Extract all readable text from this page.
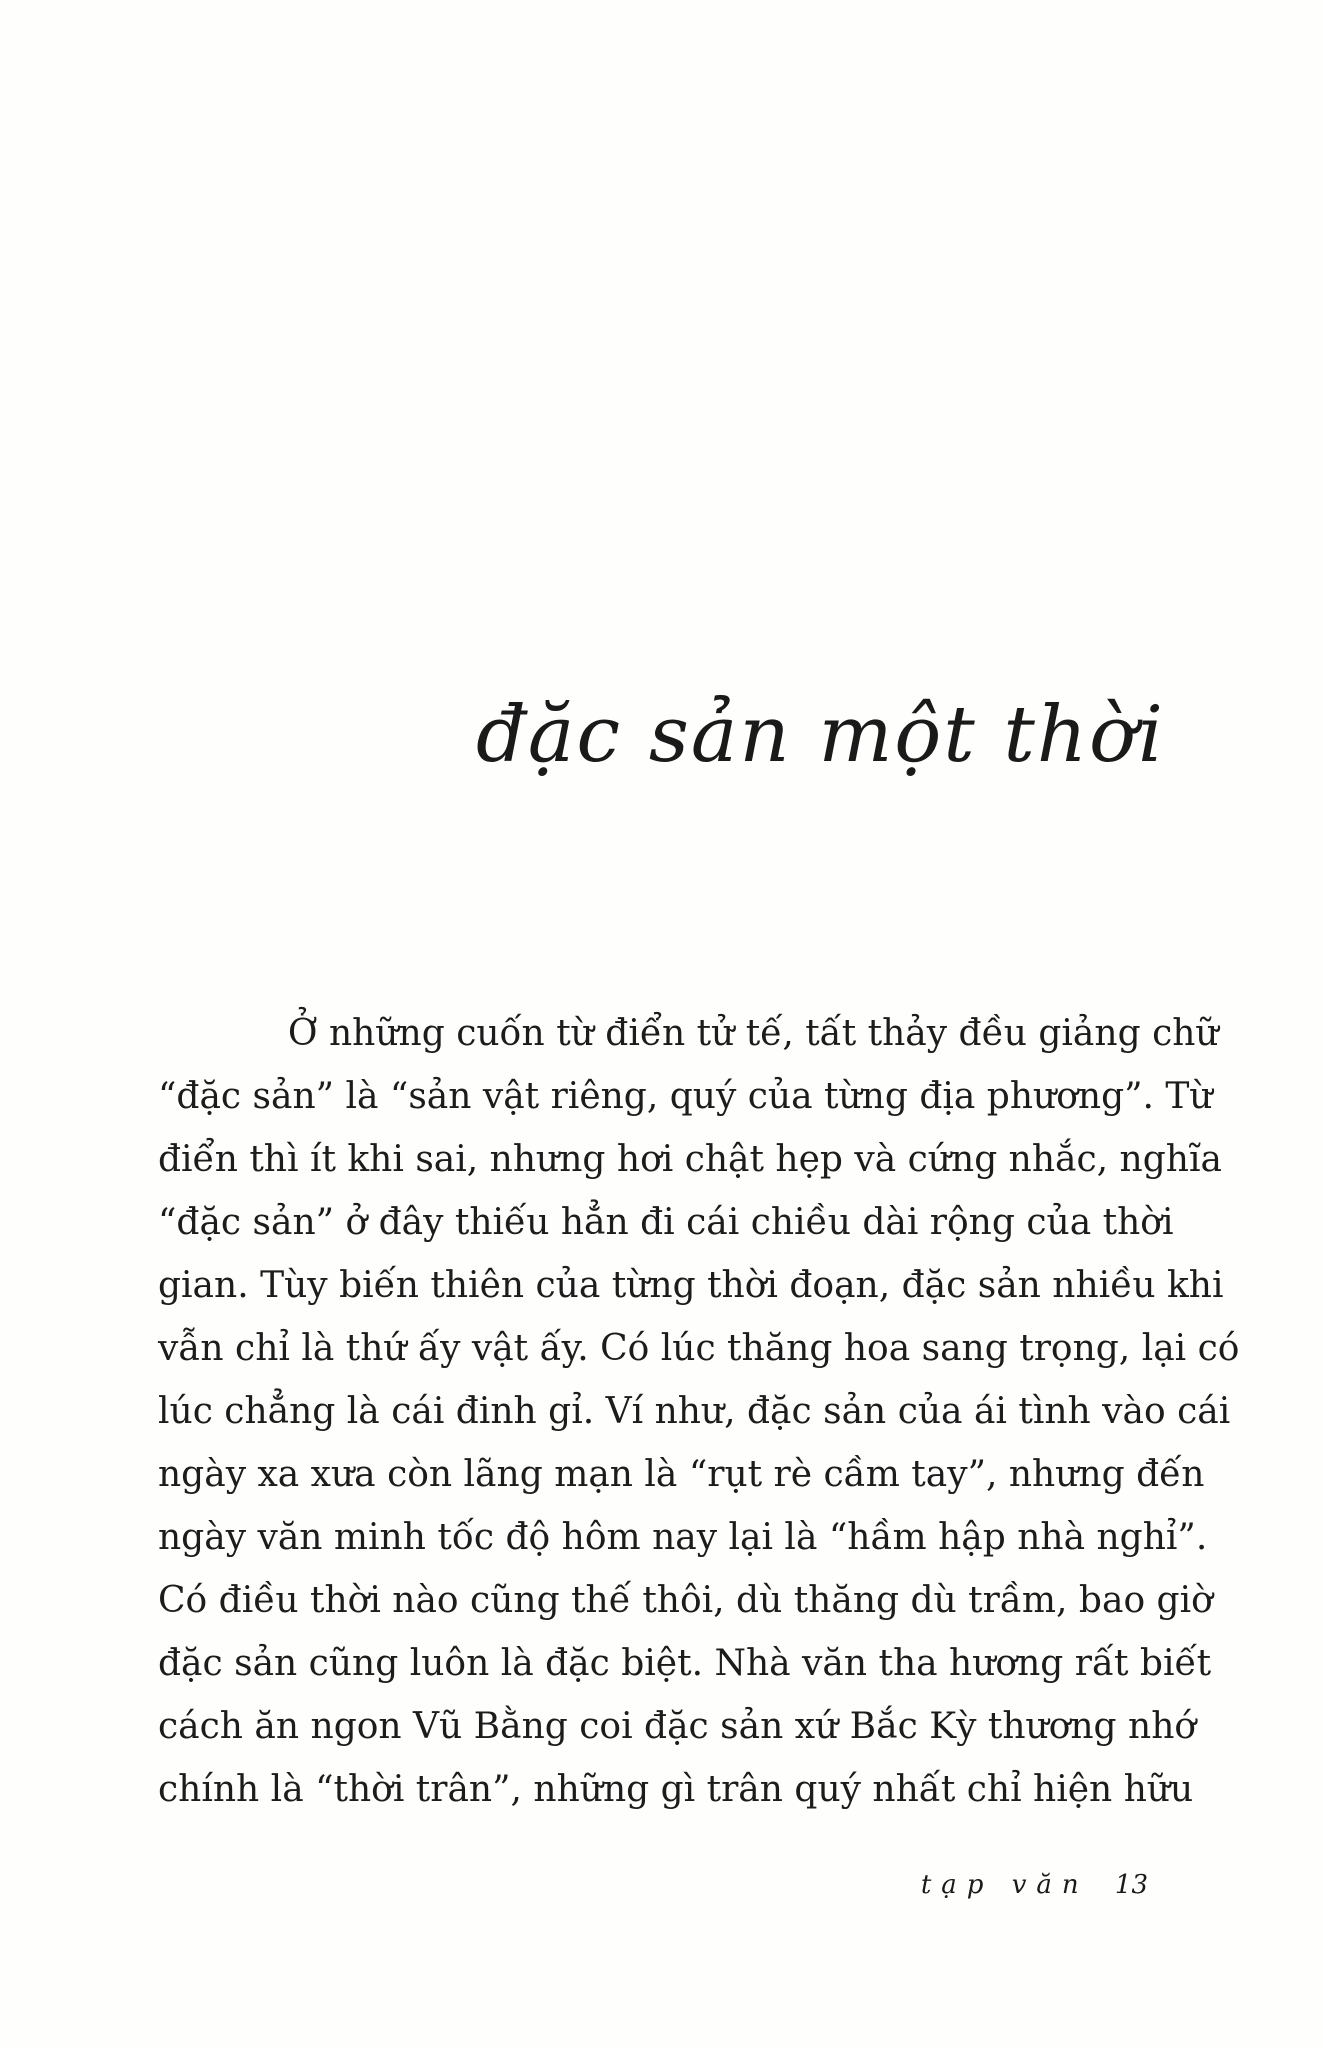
đặc sản một thời
Ở những cuốn từ điển tử tế, tất thảy đều giảng chữ
“đặc sản” là “sản vật riêng, quý của từng địa phương”. Từ
điển thì ít khi sai, nhưng hơi chật hẹp và cứng nhắc, nghĩa
“đặc sản” ở đây thiếu hẳn đi cái chiều dài rộng của thời
gian. Tùy biến thiên của từng thời đoạn, đặc sản nhiều khi
vẫn chỉ là thứ ấy vật ấy. Có lúc thăng hoa sang trọng, lại có
lúc chẳng là cái đinh gỉ. Ví như, đặc sản của ái tình vào cái
ngày xa xưa còn lãng mạn là “rụt rè cầm tay”, nhưng đến
ngày văn minh tốc độ hôm nay lại là “hầm hập nhà nghỉ”.
Có điều thời nào cũng thế thôi, dù thăng dù trầm, bao giờ
đặc sản cũng luôn là đặc biệt. Nhà văn tha hương rất biết
cách ăn ngon Vũ Bằng coi đặc sản xứ Bắc Kỳ thương nhớ
chính là “thời trân”, những gì trân quý nhất chỉ hiện hữu
tạp văn 13
